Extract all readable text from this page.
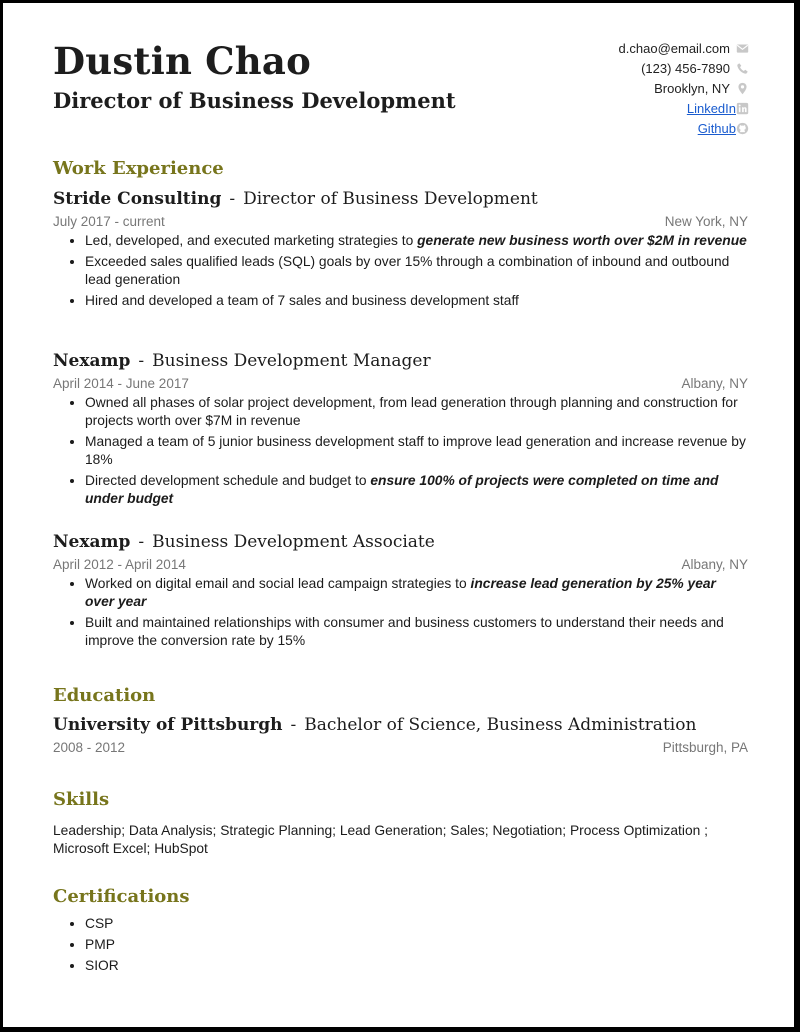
Dustin Chao
Director of Business Development
d.chao@email.com
(123) 456-7890
Brooklyn, NY
LinkedIn
Github
Work Experience
Stride Consulting - Director of Business Development
July 2017 - current	New York, NY
• Led, developed, and executed marketing strategies to generate new business worth over $2M in revenue
• Exceeded sales qualified leads (SQL) goals by over 15% through a combination of inbound and outbound lead generation
• Hired and developed a team of 7 sales and business development staff
Nexamp - Business Development Manager
April 2014 - June 2017	Albany, NY
• Owned all phases of solar project development, from lead generation through planning and construction for projects worth over $7M in revenue
• Managed a team of 5 junior business development staff to improve lead generation and increase revenue by 18%
• Directed development schedule and budget to ensure 100% of projects were completed on time and under budget
Nexamp - Business Development Associate
April 2012 - April 2014	Albany, NY
• Worked on digital email and social lead campaign strategies to increase lead generation by 25% year over year
• Built and maintained relationships with consumer and business customers to understand their needs and improve the conversion rate by 15%
Education
University of Pittsburgh - Bachelor of Science, Business Administration
2008 - 2012	Pittsburgh, PA
Skills
Leadership; Data Analysis; Strategic Planning; Lead Generation; Sales; Negotiation; Process Optimization ; Microsoft Excel; HubSpot
Certifications
• CSP
• PMP
• SIOR
